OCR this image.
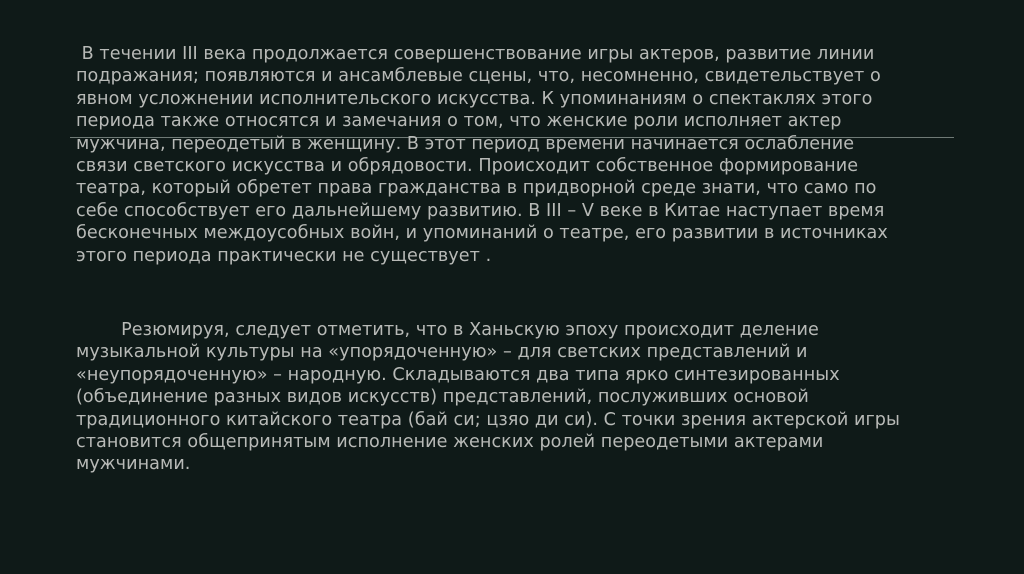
В течении III века продолжается совершенствование игры актеров, развитие линии
подражания; появляются и ансамблевые сцены, что, несомненно, свидетельствует о
явном усложнении исполнительского искусства. К упоминаниям о спектаклях этого
периода также относятся и замечания о том, что женские роли исполняет актер
мужчина, переодетый в женщину. В этот период времени начинается ослабление
связи светского искусства и обрядовости. Происходит собственное формирование
театра, который обретет права гражданства в придворной среде знати, что само по
себе способствует его дальнейшему развитию. В III – V веке в Китае наступает время
бесконечных междоусобных войн, и упоминаний о театре, его развитии в источниках
этого периода практически не существует .

Резюмируя, следует отметить, что в Ханьскую эпоху происходит деление
музыкальной культуры на «упорядоченную» – для светских представлений и
«неупорядоченную» – народную. Складываются два типа ярко синтезированных
(объединение разных видов искусств) представлений, послуживших основой
традиционного китайского театра (бай си; цзяо ди си). С точки зрения актерской игры
становится общепринятым исполнение женских ролей переодетыми актерами
мужчинами.
